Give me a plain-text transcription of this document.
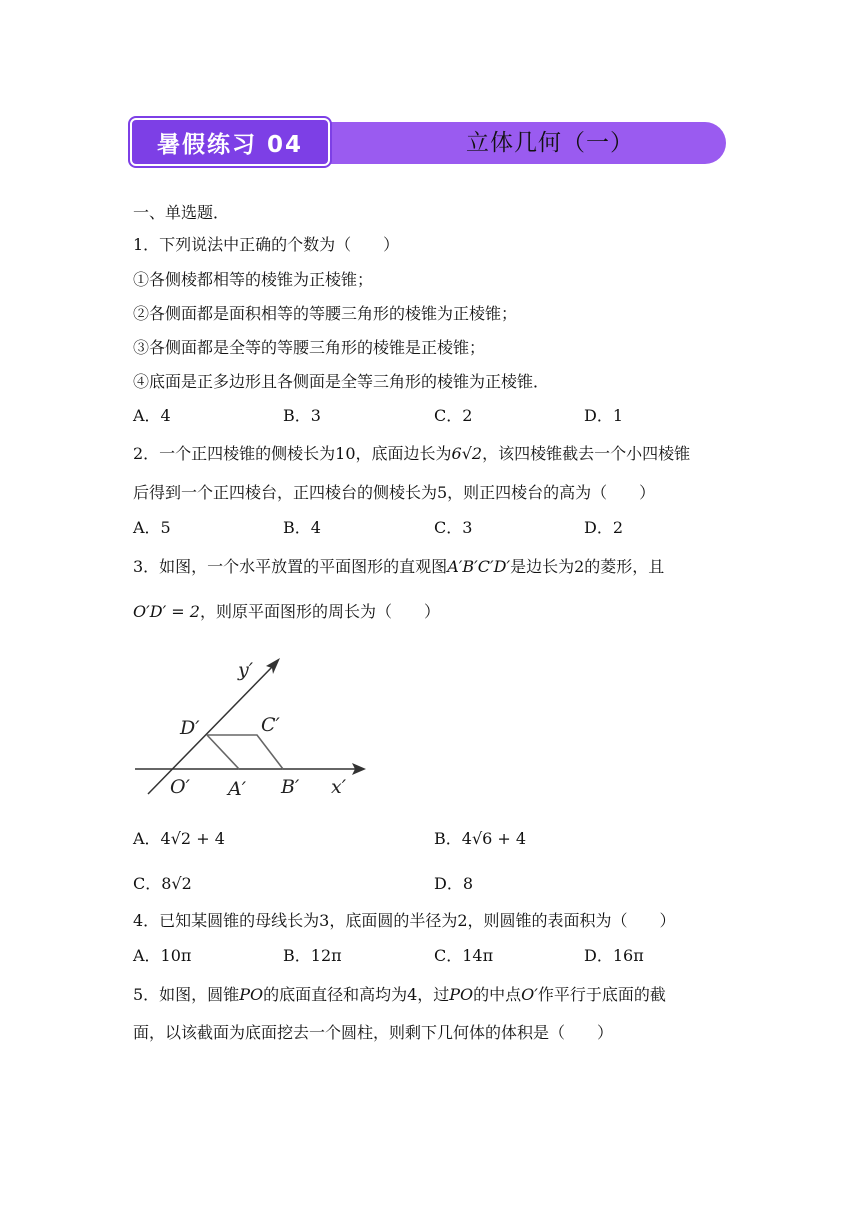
立体几何（一）
暑假练习 04
一、单选题．
1．下列说法中正确的个数为（　　）
①各侧棱都相等的棱锥为正棱锥；
②各侧面都是面积相等的等腰三角形的棱锥为正棱锥；
③各侧面都是全等的等腰三角形的棱锥是正棱锥；
④底面是正多边形且各侧面是全等三角形的棱锥为正棱锥．
A．4	B．3	C．2	D．1
2．一个正四棱锥的侧棱长为10，底面边长为6√2，该四棱锥截去一个小四棱锥
后得到一个正四棱台，正四棱台的侧棱长为5，则正四棱台的高为（　　）
A．5	B．4	C．3	D．2
3．如图，一个水平放置的平面图形的直观图A′B′C′D′是边长为2的菱形，且
O′D′ = 2，则原平面图形的周长为（　　）
y′
x′
O′ A′ B′
C′
D′
A．4√2 + 4	B．4√6 + 4
C．8√2	D．8
4．已知某圆锥的母线长为3，底面圆的半径为2，则圆锥的表面积为（　　）
A．10π	B．12π	C．14π	D．16π
5．如图，圆锥PO的底面直径和高均为4，过PO的中点O′作平行于底面的截
面，以该截面为底面挖去一个圆柱，则剩下几何体的体积是（　　）
